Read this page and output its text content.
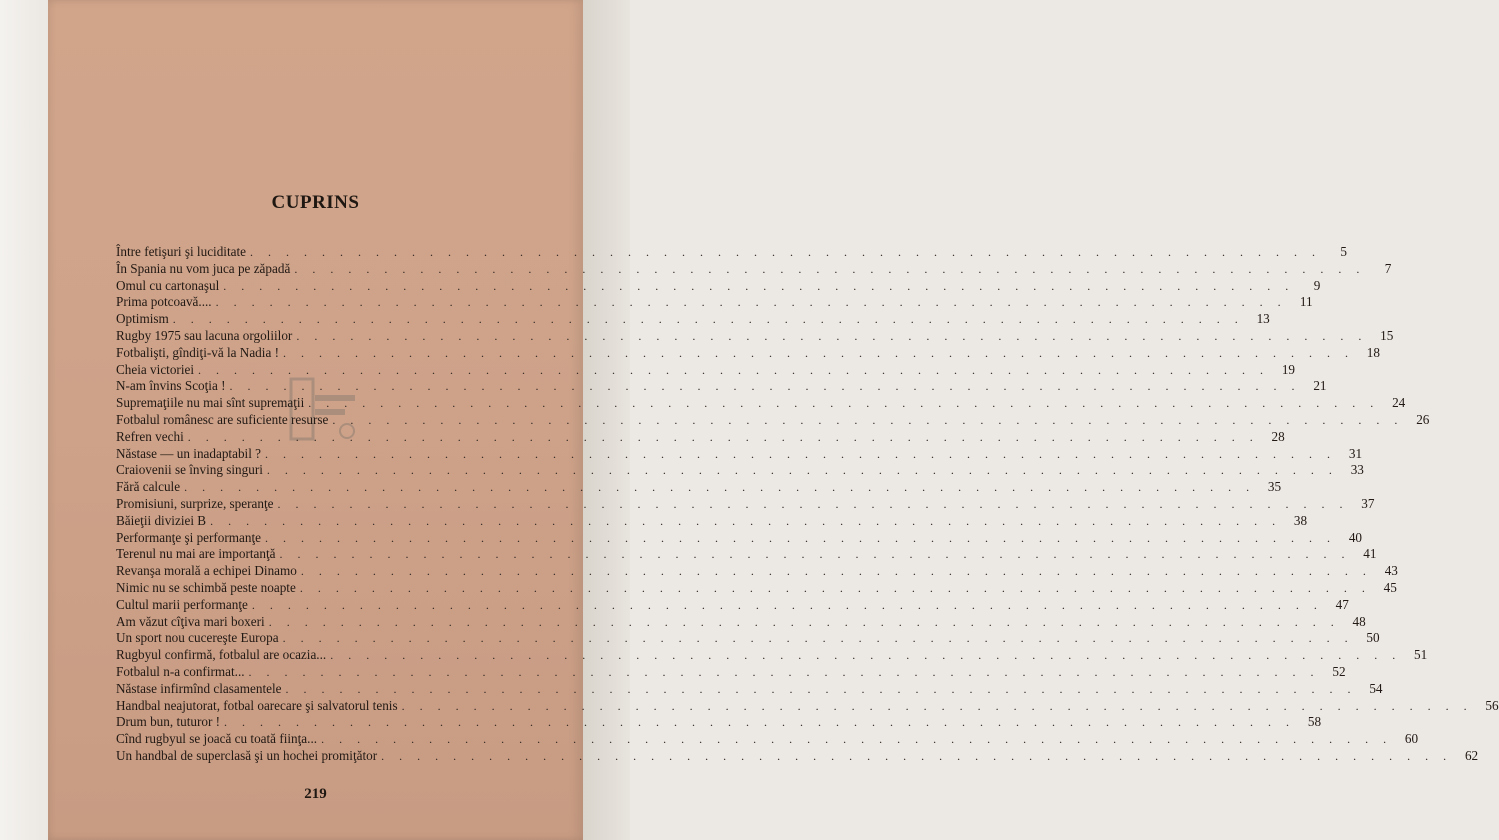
CUPRINS
Între fetişuri şi luciditate . . . . . . . . . . . . . . . . . . . . . . . . . . . . . . . . . . . . . . . . . . . . . . . . . . . . . . . . . . . .	5
În Spania nu vom juca pe zăpadă . . . . . . . . . . . . . . . . . . . . . . . . . . . . . . . . . . . . . . . . . . . . . . . . . . . . . . . . . . . .	7
Omul cu cartonaşul . . . . . . . . . . . . . . . . . . . . . . . . . . . . . . . . . . . . . . . . . . . . . . . . . . . . . . . . . . . .	9
Prima potcoavă.... . . . . . . . . . . . . . . . . . . . . . . . . . . . . . . . . . . . . . . . . . . . . . . . . . . . . . . . . . . . .	11
Optimism . . . . . . . . . . . . . . . . . . . . . . . . . . . . . . . . . . . . . . . . . . . . . . . . . . . . . . . . . . . . 13
Rugby 1975 sau lacuna orgoliilor . . . . . . . . . . . . . . . . . . . . . . . . . . . . . . . . . . . . . . . . . . . . . . . . . . . . . . . . . . . . 15
Fotbalişti, gîndiţi-vă la Nadia ! . . . . . . . . . . . . . . . . . . . . . . . . . . . . . . . . . . . . . . . . . . . . . . . . . . . . . . . . . . . . 18
Cheia victoriei . . . . . . . . . . . . . . . . . . . . . . . . . . . . . . . . . . . . . . . . . . . . . . . . . . . . . . . . . . . . 19
N-am învins Scoţia ! . . . . . . . . . . . . . . . . . . . . . . . . . . . . . . . . . . . . . . . . . . . . . . . . . . . . . . . . . . . . 21
Supremaţiile nu mai sînt supremaţii . . . . . . . . . . . . . . . . . . . . . . . . . . . . . . . . . . . . . . . . . . . . . . . . . . . . . . . . . . . . 24
Fotbalul românesc are suficiente resurse . . . . . . . . . . . . . . . . . . . . . . . . . . . . . . . . . . . . . . . . . . . . . . . . . . . . . . . . . . . . 26
Refren vechi . . . . . . . . . . . . . . . . . . . . . . . . . . . . . . . . . . . . . . . . . . . . . . . . . . . . . . . . . . . . 28
Năstase — un inadaptabil ? . . . . . . . . . . . . . . . . . . . . . . . . . . . . . . . . . . . . . . . . . . . . . . . . . . . . . . . . . . . . 31
Craiovenii se înving singuri . . . . . . . . . . . . . . . . . . . . . . . . . . . . . . . . . . . . . . . . . . . . . . . . . . . . . . . . . . . . 33
Fără calcule . . . . . . . . . . . . . . . . . . . . . . . . . . . . . . . . . . . . . . . . . . . . . . . . . . . . . . . . . . . . 35
Promisiuni, surprize, speranţe . . . . . . . . . . . . . . . . . . . . . . . . . . . . . . . . . . . . . . . . . . . . . . . . . . . . . . . . . . . . 37
Băieţii diviziei B . . . . . . . . . . . . . . . . . . . . . . . . . . . . . . . . . . . . . . . . . . . . . . . . . . . . . . . . . . . . 38
Performanţe şi performanţe . . . . . . . . . . . . . . . . . . . . . . . . . . . . . . . . . . . . . . . . . . . . . . . . . . . . . . . . . . . . 40
Terenul nu mai are importanţă . . . . . . . . . . . . . . . . . . . . . . . . . . . . . . . . . . . . . . . . . . . . . . . . . . . . . . . . . . . . 41
Revanşa morală a echipei Dinamo . . . . . . . . . . . . . . . . . . . . . . . . . . . . . . . . . . . . . . . . . . . . . . . . . . . . . . . . . . . . 43
Nimic nu se schimbă peste noapte . . . . . . . . . . . . . . . . . . . . . . . . . . . . . . . . . . . . . . . . . . . . . . . . . . . . . . . . . . . . 45
Cultul marii performanţe . . . . . . . . . . . . . . . . . . . . . . . . . . . . . . . . . . . . . . . . . . . . . . . . . . . . . . . . . . . . 47
Am văzut cîţiva mari boxeri . . . . . . . . . . . . . . . . . . . . . . . . . . . . . . . . . . . . . . . . . . . . . . . . . . . . . . . . . . . . 48
Un sport nou cucereşte Europa . . . . . . . . . . . . . . . . . . . . . . . . . . . . . . . . . . . . . . . . . . . . . . . . . . . . . . . . . . . . 50
Rugbyul confirmă, fotbalul are ocazia... . . . . . . . . . . . . . . . . . . . . . . . . . . . . . . . . . . . . . . . . . . . . . . . . . . . . . . . . . . . . 51
Fotbalul n-a confirmat... . . . . . . . . . . . . . . . . . . . . . . . . . . . . . . . . . . . . . . . . . . . . . . . . . . . . . . . . . . . . 52
Năstase infirmînd clasamentele . . . . . . . . . . . . . . . . . . . . . . . . . . . . . . . . . . . . . . . . . . . . . . . . . . . . . . . . . . . . 54
Handbal neajutorat, fotbal oarecare şi salvatorul tenis . . . . . . . . . . . . . . . . . . . . . . . . . . . . . . . . . . . . . . . . . . . . . . . . . . . . . . . . . . . . 56
Drum bun, tuturor ! . . . . . . . . . . . . . . . . . . . . . . . . . . . . . . . . . . . . . . . . . . . . . . . . . . . . . . . . . . . . 58
Cînd rugbyul se joacă cu toată fiinţa... . . . . . . . . . . . . . . . . . . . . . . . . . . . . . . . . . . . . . . . . . . . . . . . . . . . . . . . . . . . . 60
Un handbal de superclasă şi un hochei promiţător . . . . . . . . . . . . . . . . . . . . . . . . . . . . . . . . . . . . . . . . . . . . . . . . . . . . . . . . . . . . 62
219
